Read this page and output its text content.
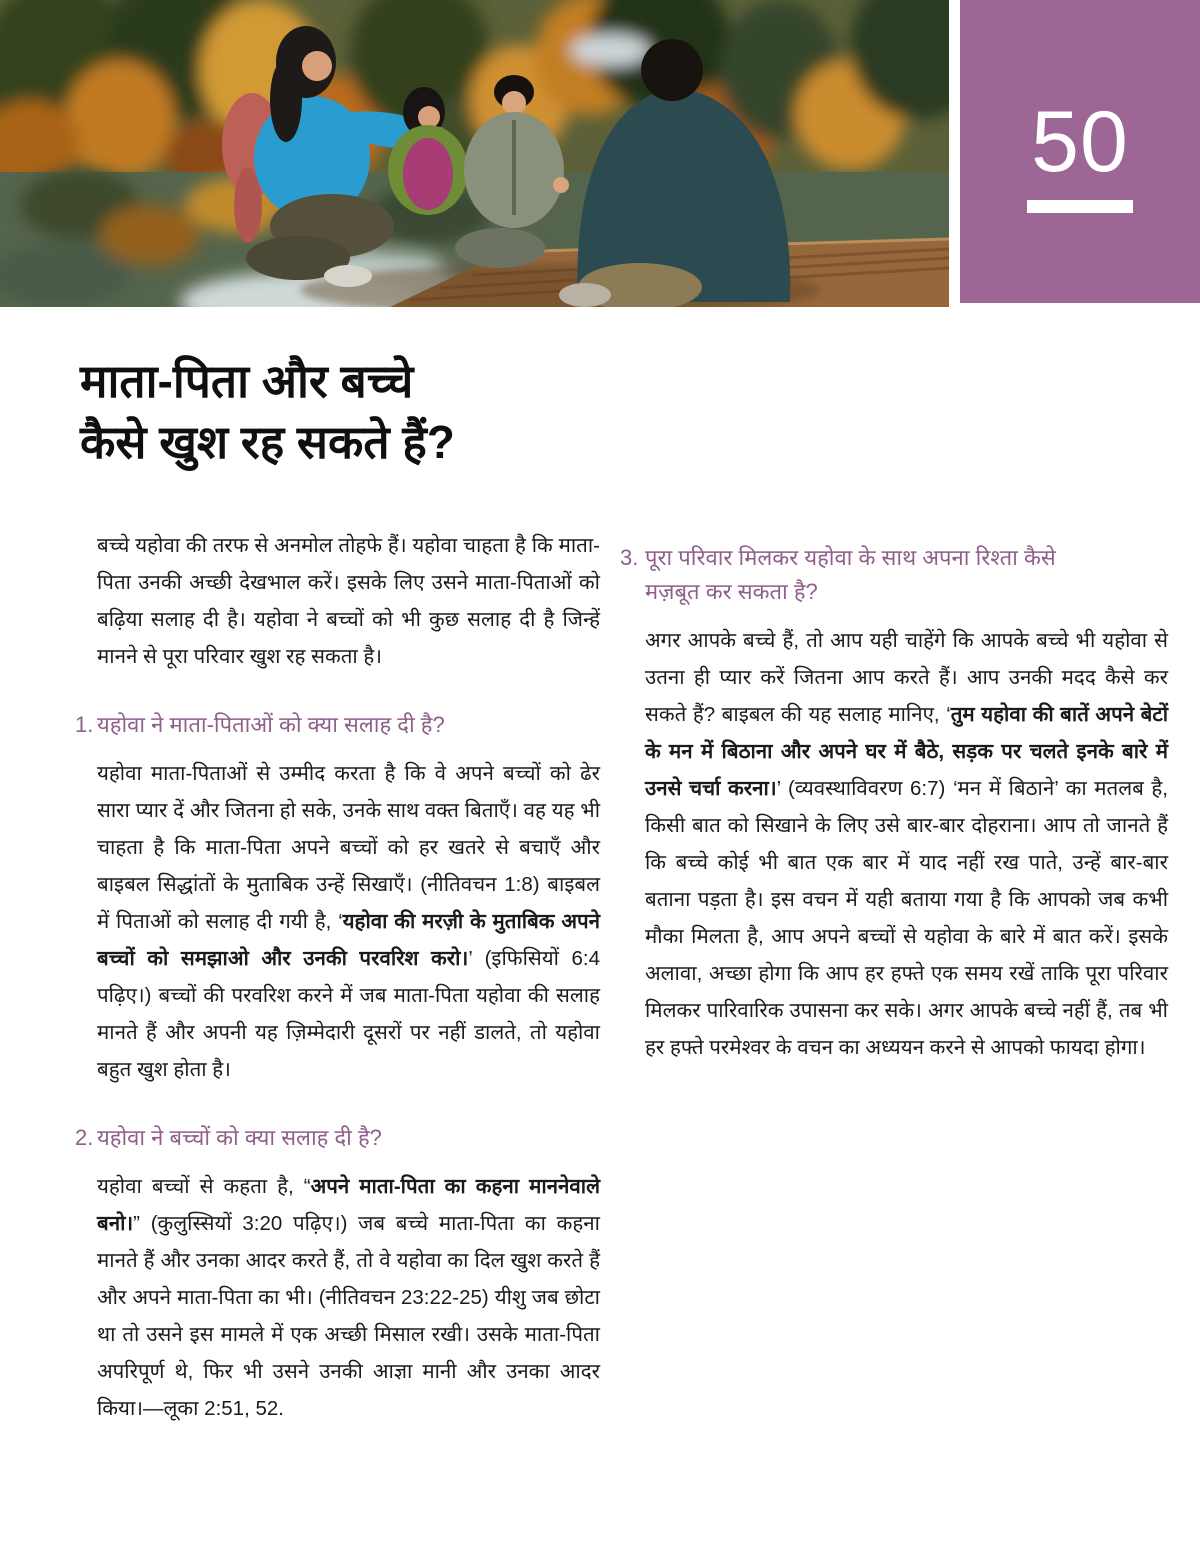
50
माता-पिता और बच्चे
कैसे खुश रह सकते हैं?

बच्चे यहोवा की तरफ से अनमोल तोहफे हैं। यहोवा चाहता है कि माता-पिता उनकी अच्छी देखभाल करें। इसके लिए उसने माता-पिताओं को बढ़िया सलाह दी है। यहोवा ने बच्चों को भी कुछ सलाह दी है जिन्हें मानने से पूरा परिवार खुश रह सकता है।

1. यहोवा ने माता-पिताओं को क्या सलाह दी है?

यहोवा माता-पिताओं से उम्मीद करता है कि वे अपने बच्चों को ढेर सारा प्यार दें और जितना हो सके, उनके साथ वक्त बिताएँ। वह यह भी चाहता है कि माता-पिता अपने बच्चों को हर खतरे से बचाएँ और बाइबल सिद्धांतों के मुताबिक उन्हें सिखाएँ। (नीतिवचन 1:8) बाइबल में पिताओं को सलाह दी गयी है, ‘यहोवा की मरज़ी के मुताबिक अपने बच्चों को समझाओ और उनकी परवरिश करो।’ (इफिसियों 6:4 पढ़िए।) बच्चों की परवरिश करने में जब माता-पिता यहोवा की सलाह मानते हैं और अपनी यह ज़िम्मेदारी दूसरों पर नहीं डालते, तो यहोवा बहुत खुश होता है।

2. यहोवा ने बच्चों को क्या सलाह दी है?

यहोवा बच्चों से कहता है, “अपने माता-पिता का कहना माननेवाले बनो।” (कुलुस्सियों 3:20 पढ़िए।) जब बच्चे माता-पिता का कहना मानते हैं और उनका आदर करते हैं, तो वे यहोवा का दिल खुश करते हैं और अपने माता-पिता का भी। (नीतिवचन 23:22-25) यीशु जब छोटा था तो उसने इस मामले में एक अच्छी मिसाल रखी। उसके माता-पिता अपरिपूर्ण थे, फिर भी उसने उनकी आज्ञा मानी और उनका आदर किया।—लूका 2:51, 52.

3. पूरा परिवार मिलकर यहोवा के साथ अपना रिश्ता कैसे मज़बूत कर सकता है?

अगर आपके बच्चे हैं, तो आप यही चाहेंगे कि आपके बच्चे भी यहोवा से उतना ही प्यार करें जितना आप करते हैं। आप उनकी मदद कैसे कर सकते हैं? बाइबल की यह सलाह मानिए, ‘तुम यहोवा की बातें अपने बेटों के मन में बिठाना और अपने घर में बैठे, सड़क पर चलते इनके बारे में उनसे चर्चा करना।’ (व्यवस्थाविवरण 6:7) ‘मन में बिठाने’ का मतलब है, किसी बात को सिखाने के लिए उसे बार-बार दोहराना। आप तो जानते हैं कि बच्चे कोई भी बात एक बार में याद नहीं रख पाते, उन्हें बार-बार बताना पड़ता है। इस वचन में यही बताया गया है कि आपको जब कभी मौका मिलता है, आप अपने बच्चों से यहोवा के बारे में बात करें। इसके अलावा, अच्छा होगा कि आप हर हफ्ते एक समय रखें ताकि पूरा परिवार मिलकर पारिवारिक उपासना कर सके। अगर आपके बच्चे नहीं हैं, तब भी हर हफ्ते परमेश्वर के वचन का अध्ययन करने से आपको फायदा होगा।
